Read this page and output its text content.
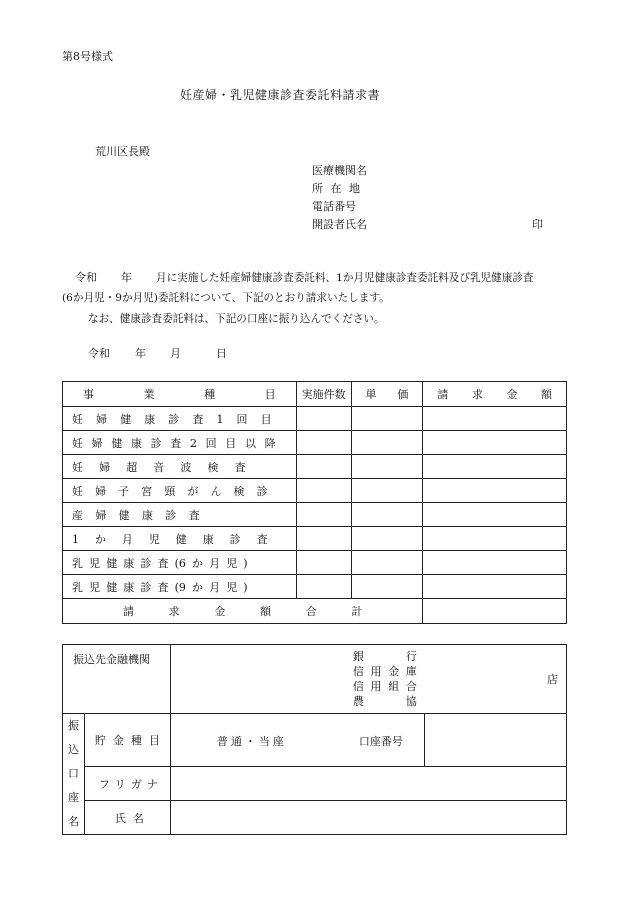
第8号様式
妊産婦・乳児健康診査委託料請求書
荒川区長殿
医療機関名
所 在 地
電話番号
開設者氏名	印
令和 年 月に実施した妊産婦健康診査委託料、1か月児健康診査委託料及び乳児健康診査
(6か月児・9か月児)委託料について、下記のとおり請求いたします。
なお、健康診査委託料は、下記の口座に振り込んでください。
令和 年 月	日
事業種目	実施件数	単価	請求金額

妊婦健康診査1回目			

妊婦健康診査2回目以降			

妊婦超音波検査			

妊婦子宮頸がん検診			

産婦健康診査			

1か月児健康診査			

乳児健康診査(6か月児)			

乳児健康診査(9か月児)			

請求金額合計			

振込先金融機関		銀行
信用金庫
信用組合
農協	店

振
込
口
座
名	貯金種目	普通・当座 口座番号	

	フリガナ		

	氏名		
